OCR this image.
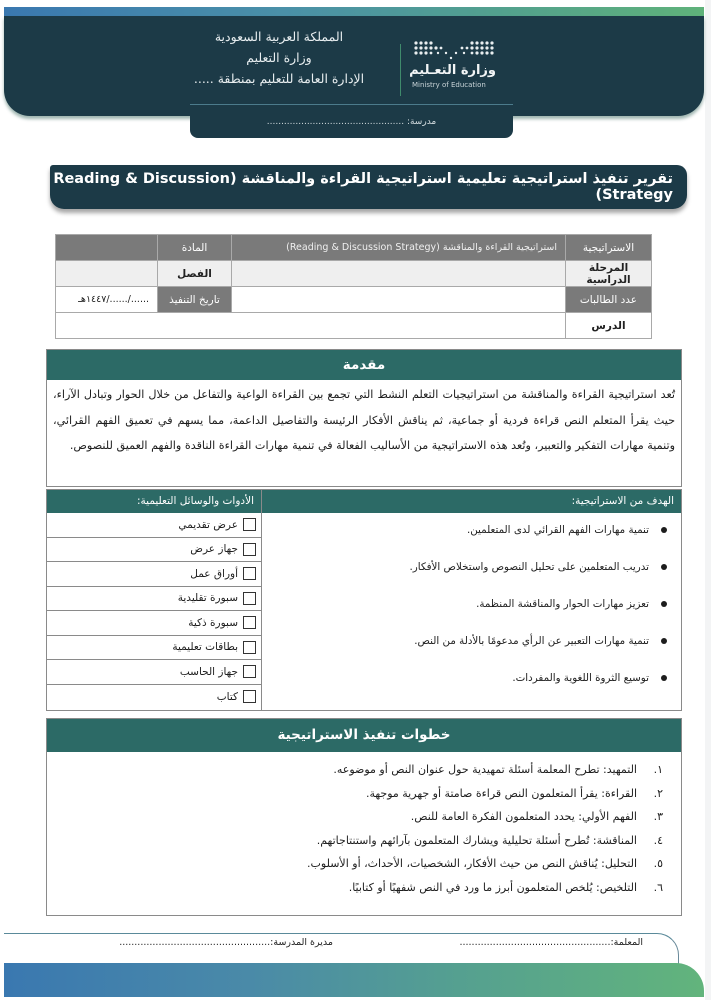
المملكة العربية السعودية
وزارة التعليم
الإدارة العامة للتعليم بمنطقة .....
وزارة التعـليم
Ministry of Education
مدرسة: ................................................
تقرير تنفيذ استراتيجية تعليمية استراتيجية القراءة والمناقشة (Reading & Discussion Strategy)
الاستراتيجية	استراتيجية القراءة والمناقشة (Reading & Discussion Strategy)	المادة	
المرحلة الدراسية		الفصل	
عدد الطالبات		تاريخ التنفيذ	....../....../١٤٤٧هـ
الدرس			
مقدمة
تُعد استراتيجية القراءة والمناقشة من استراتيجيات التعلم النشط التي تجمع بين القراءة الواعية والتفاعل من خلال الحوار وتبادل الآراء، حيث يقرأ المتعلم النص قراءة فردية أو جماعية، ثم يناقش الأفكار الرئيسة والتفاصيل الداعمة، مما يسهم في تعميق الفهم القرائي، وتنمية مهارات التفكير والتعبير، وتُعد هذه الاستراتيجية من الأساليب الفعالة في تنمية مهارات القراءة الناقدة والفهم العميق للنصوص.
الهدف من الاستراتيجية:
تنمية مهارات الفهم القرائي لدى المتعلمين.
تدريب المتعلمين على تحليل النصوص واستخلاص الأفكار.
تعزيز مهارات الحوار والمناقشة المنظمة.
تنمية مهارات التعبير عن الرأي مدعومًا بالأدلة من النص.
توسيع الثروة اللغوية والمفردات.
الأدوات والوسائل التعليمية:
عرض تقديمي
جهاز عرض
أوراق عمل
سبورة تقليدية
سبورة ذكية
بطاقات تعليمية
جهاز الحاسب
كتاب
خطوات تنفيذ الاستراتيجية
١.
التمهيد: تطرح المعلمة أسئلة تمهيدية حول عنوان النص أو موضوعه.
٢.
القراءة: يقرأ المتعلمون النص قراءة صامتة أو جهرية موجهة.
٣.
الفهم الأولي: يحدد المتعلمون الفكرة العامة للنص.
٤.
المناقشة: تُطرح أسئلة تحليلية ويشارك المتعلمون بآرائهم واستنتاجاتهم.
٥.
التحليل: يُناقش النص من حيث الأفكار، الشخصيات، الأحداث، أو الأسلوب.
٦.
التلخيص: يُلخص المتعلمون أبرز ما ورد في النص شفهيًا أو كتابيًا.
المعلمة:..................................................
مديرة المدرسة:..................................................
